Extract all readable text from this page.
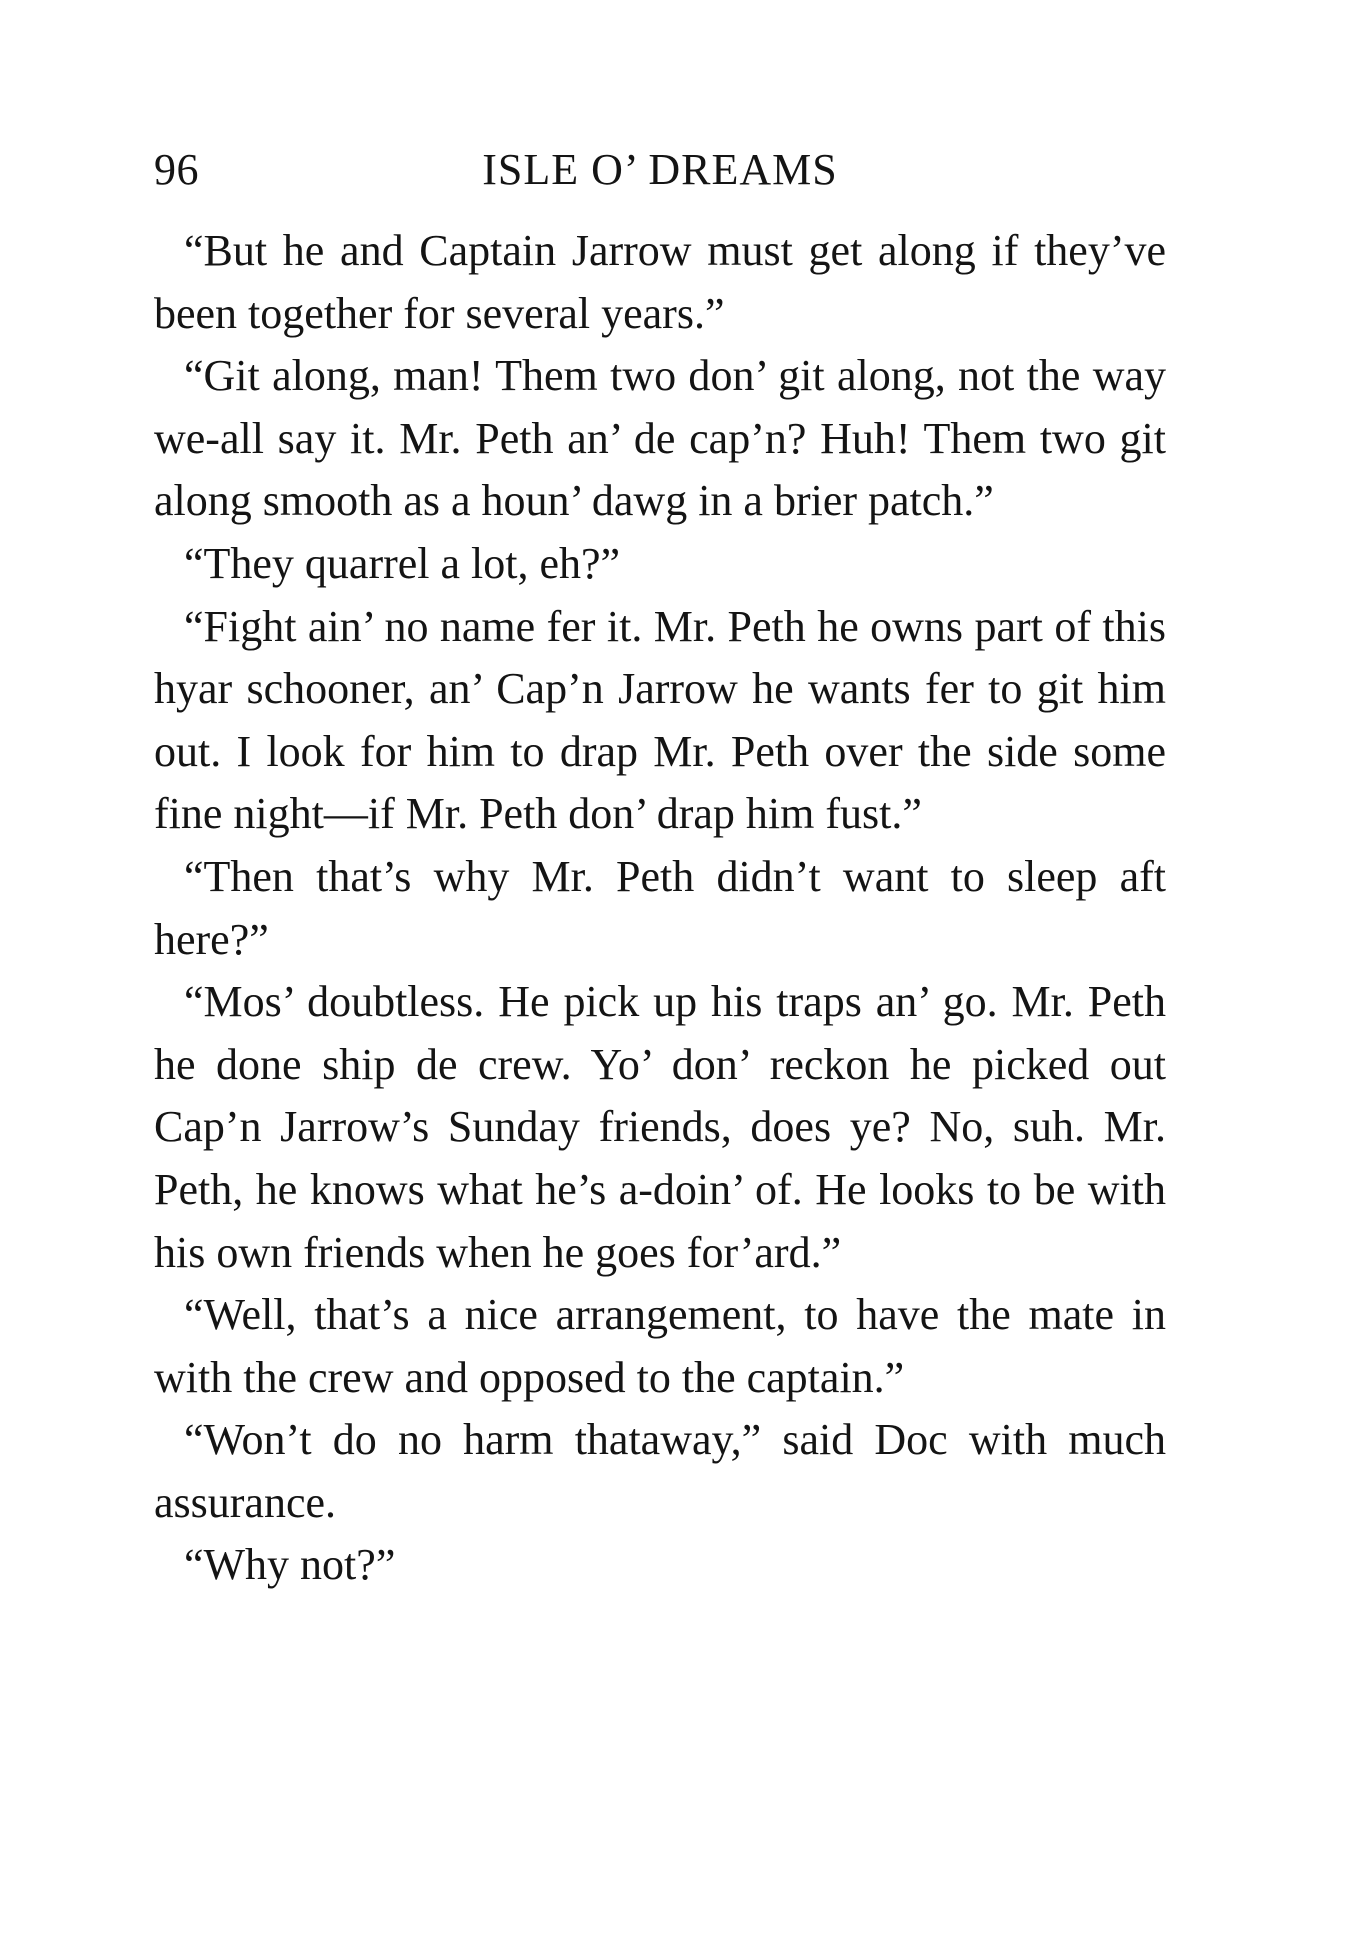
96	ISLE O’ DREAMS

“But he and Captain Jarrow must get along if they’ve been together for several years.”

“Git along, man! Them two don’ git along, not the way we-all say it. Mr. Peth an’ de cap’n? Huh! Them two git along smooth as a houn’ dawg in a brier patch.”

“They quarrel a lot, eh?”

“Fight ain’ no name fer it. Mr. Peth he owns part of this hyar schooner, an’ Cap’n Jarrow he wants fer to git him out. I look for him to drap Mr. Peth over the side some fine night—if Mr. Peth don’ drap him fust.”

“Then that’s why Mr. Peth didn’t want to sleep aft here?”

“Mos’ doubtless. He pick up his traps an’ go. Mr. Peth he done ship de crew. Yo’ don’ reckon he picked out Cap’n Jarrow’s Sunday friends, does ye? No, suh. Mr. Peth, he knows what he’s a-doin’ of. He looks to be with his own friends when he goes for’ard.”

“Well, that’s a nice arrangement, to have the mate in with the crew and opposed to the captain.”

“Won’t do no harm thataway,” said Doc with much assurance.

“Why not?”
